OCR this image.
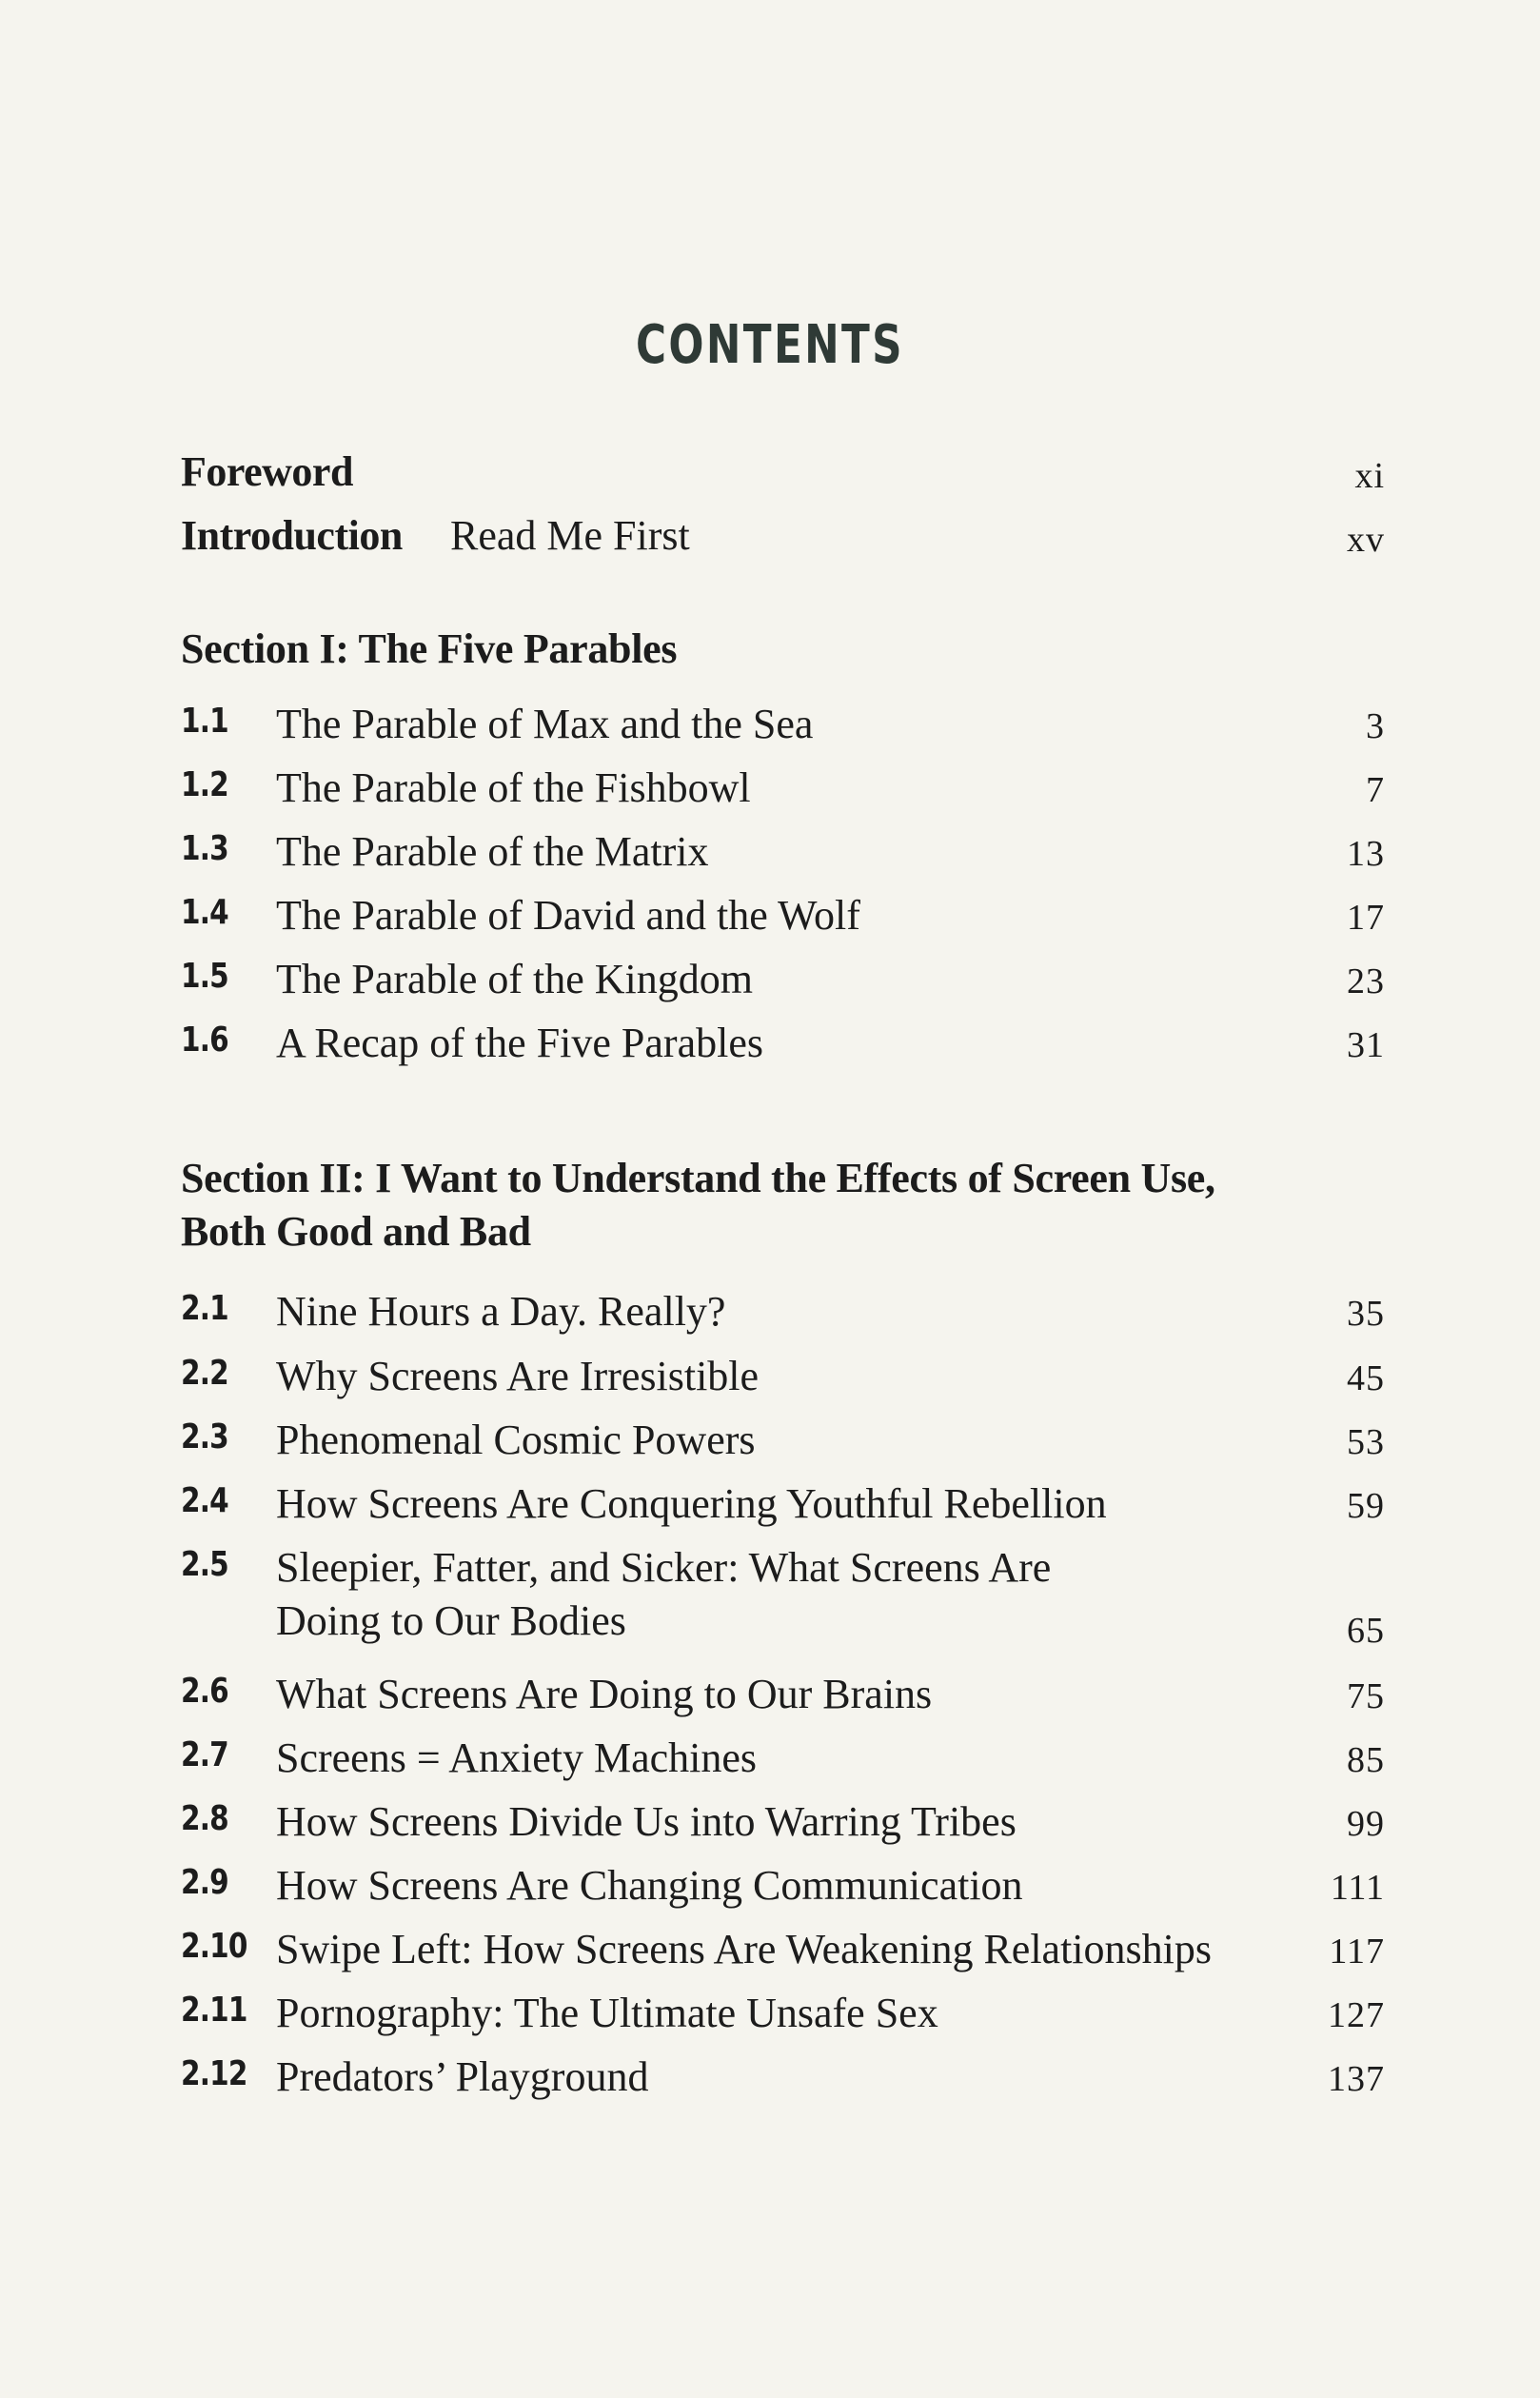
CONTENTS
Foreword	xi
Introduction Read Me First	xv
Section I: The Five Parables
1.1 The Parable of Max and the Sea	3
1.2 The Parable of the Fishbowl	7
1.3 The Parable of the Matrix	13
1.4 The Parable of David and the Wolf	17
1.5 The Parable of the Kingdom	23
1.6 A Recap of the Five Parables	31
Section II: I Want to Understand the Effects of Screen Use,
Both Good and Bad
2.1 Nine Hours a Day. Really?	35
2.2 Why Screens Are Irresistible	45
2.3 Phenomenal Cosmic Powers	53
2.4 How Screens Are Conquering Youthful Rebellion	59
2.5 Sleepier, Fatter, and Sicker: What Screens Are
Doing to Our Bodies	65
2.6 What Screens Are Doing to Our Brains	75
2.7 Screens = Anxiety Machines	85
2.8 How Screens Divide Us into Warring Tribes	99
2.9 How Screens Are Changing Communication	111
2.10 Swipe Left: How Screens Are Weakening Relationships	117
2.11 Pornography: The Ultimate Unsafe Sex	127
2.12 Predators’ Playground	137
